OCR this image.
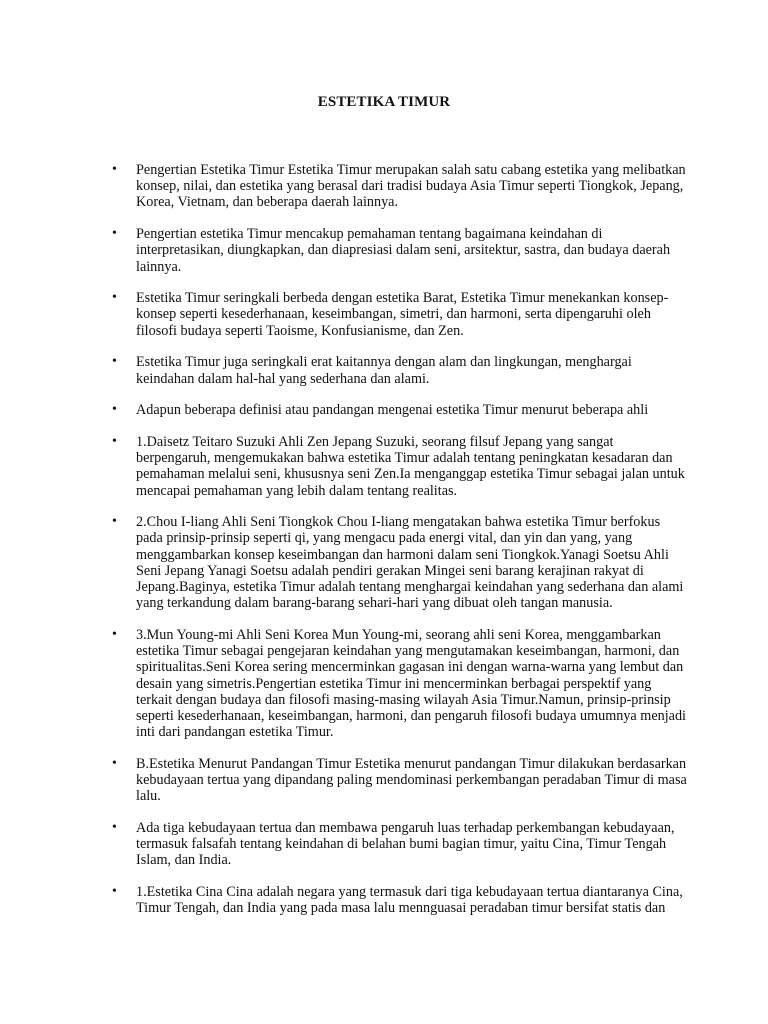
ESTETIKA TIMUR
• Pengertian Estetika Timur Estetika Timur merupakan salah satu cabang estetika yang melibatkan konsep, nilai, dan estetika yang berasal dari tradisi budaya Asia Timur seperti Tiongkok, Jepang, Korea, Vietnam, dan beberapa daerah lainnya.
• Pengertian estetika Timur mencakup pemahaman tentang bagaimana keindahan di interpretasikan, diungkapkan, dan diapresiasi dalam seni, arsitektur, sastra, dan budaya daerah lainnya.
• Estetika Timur seringkali berbeda dengan estetika Barat, Estetika Timur menekankan konsep-konsep seperti kesederhanaan, keseimbangan, simetri, dan harmoni, serta dipengaruhi oleh filosofi budaya seperti Taoisme, Konfusianisme, dan Zen.
• Estetika Timur juga seringkali erat kaitannya dengan alam dan lingkungan, menghargai keindahan dalam hal-hal yang sederhana dan alami.
• Adapun beberapa definisi atau pandangan mengenai estetika Timur menurut beberapa ahli
• 1.Daisetz Teitaro Suzuki Ahli Zen Jepang Suzuki, seorang filsuf Jepang yang sangat berpengaruh, mengemukakan bahwa estetika Timur adalah tentang peningkatan kesadaran dan pemahaman melalui seni, khususnya seni Zen.Ia menganggap estetika Timur sebagai jalan untuk mencapai pemahaman yang lebih dalam tentang realitas.
• 2.Chou I-liang Ahli Seni Tiongkok Chou I-liang mengatakan bahwa estetika Timur berfokus pada prinsip-prinsip seperti qi, yang mengacu pada energi vital, dan yin dan yang, yang menggambarkan konsep keseimbangan dan harmoni dalam seni Tiongkok.Yanagi Soetsu Ahli Seni Jepang Yanagi Soetsu adalah pendiri gerakan Mingei seni barang kerajinan rakyat di Jepang.Baginya, estetika Timur adalah tentang menghargai keindahan yang sederhana dan alami yang terkandung dalam barang-barang sehari-hari yang dibuat oleh tangan manusia.
• 3.Mun Young-mi Ahli Seni Korea Mun Young-mi, seorang ahli seni Korea, menggambarkan estetika Timur sebagai pengejaran keindahan yang mengutamakan keseimbangan, harmoni, dan spiritualitas.Seni Korea sering mencerminkan gagasan ini dengan warna-warna yang lembut dan desain yang simetris.Pengertian estetika Timur ini mencerminkan berbagai perspektif yang terkait dengan budaya dan filosofi masing-masing wilayah Asia Timur.Namun, prinsip-prinsip seperti kesederhanaan, keseimbangan, harmoni, dan pengaruh filosofi budaya umumnya menjadi inti dari pandangan estetika Timur.
• B.Estetika Menurut Pandangan Timur Estetika menurut pandangan Timur dilakukan berdasarkan kebudayaan tertua yang dipandang paling mendominasi perkembangan peradaban Timur di masa lalu.
• Ada tiga kebudayaan tertua dan membawa pengaruh luas terhadap perkembangan kebudayaan, termasuk falsafah tentang keindahan di belahan bumi bagian timur, yaitu Cina, Timur Tengah Islam, dan India.
• 1.Estetika Cina Cina adalah negara yang termasuk dari tiga kebudayaan tertua diantaranya Cina, Timur Tengah, dan India yang pada masa lalu mennguasai peradaban timur bersifat statis dan
